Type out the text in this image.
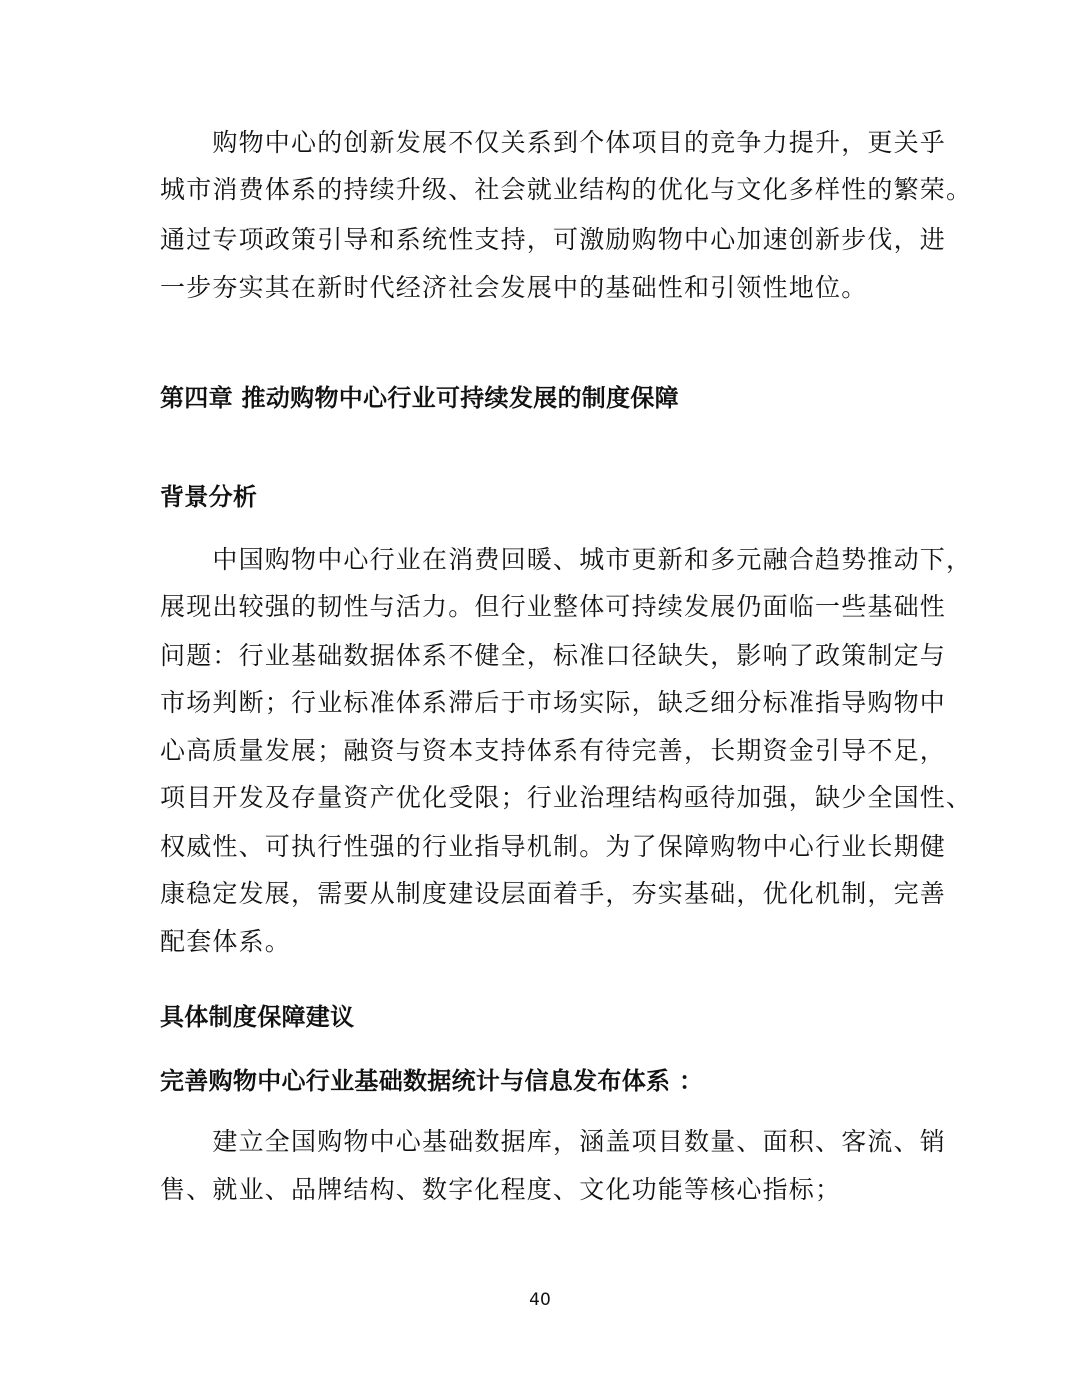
　　购物中心的创新发展不仅关系到个体项目的竞争力提升，更关乎
城市消费体系的持续升级、社会就业结构的优化与文化多样性的繁荣。
通过专项政策引导和系统性支持，可激励购物中心加速创新步伐，进
一步夯实其在新时代经济社会发展中的基础性和引领性地位。
第四章 推动购物中心行业可持续发展的制度保障
背景分析
　　中国购物中心行业在消费回暖、城市更新和多元融合趋势推动下，
展现出较强的韧性与活力。但行业整体可持续发展仍面临一些基础性
问题：行业基础数据体系不健全，标准口径缺失，影响了政策制定与
市场判断；行业标准体系滞后于市场实际，缺乏细分标准指导购物中
心高质量发展；融资与资本支持体系有待完善，长期资金引导不足，
项目开发及存量资产优化受限；行业治理结构亟待加强，缺少全国性、
权威性、可执行性强的行业指导机制。为了保障购物中心行业长期健
康稳定发展，需要从制度建设层面着手，夯实基础，优化机制，完善
配套体系。
具体制度保障建议
完善购物中心行业基础数据统计与信息发布体系 ：
　　建立全国购物中心基础数据库，涵盖项目数量、面积、客流、销
售、就业、品牌结构、数字化程度、文化功能等核心指标；
40
